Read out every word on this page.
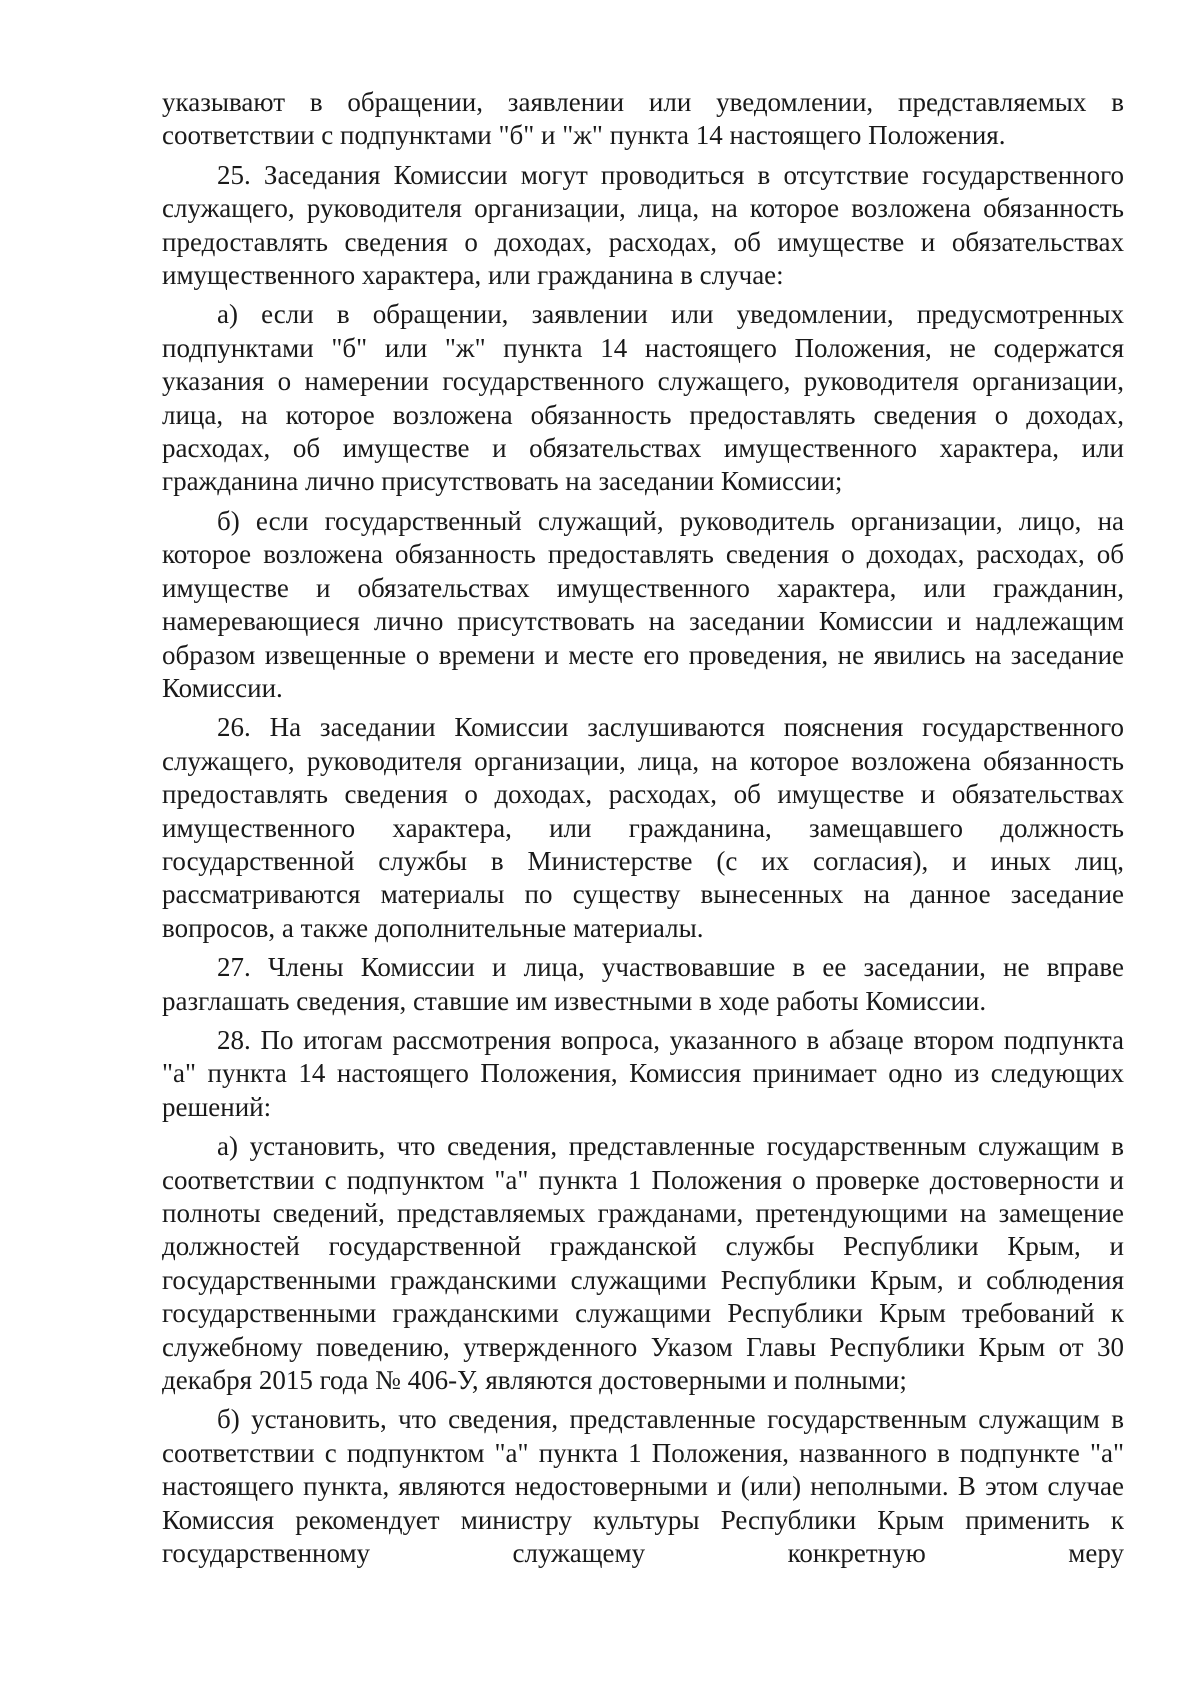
указывают в обращении, заявлении или уведомлении, представляемых в соответствии с подпунктами "б" и "ж" пункта 14 настоящего Положения.

25. Заседания Комиссии могут проводиться в отсутствие государственного служащего, руководителя организации, лица, на которое возложена обязанность предоставлять сведения о доходах, расходах, об имуществе и обязательствах имущественного характера, или гражданина в случае:

а) если в обращении, заявлении или уведомлении, предусмотренных подпунктами "б" или "ж" пункта 14 настоящего Положения, не содержатся указания о намерении государственного служащего, руководителя организации, лица, на которое возложена обязанность предоставлять сведения о доходах, расходах, об имуществе и обязательствах имущественного характера, или гражданина лично присутствовать на заседании Комиссии;

б) если государственный служащий, руководитель организации, лицо, на которое возложена обязанность предоставлять сведения о доходах, расходах, об имуществе и обязательствах имущественного характера, или гражданин, намеревающиеся лично присутствовать на заседании Комиссии и надлежащим образом извещенные о времени и месте его проведения, не явились на заседание Комиссии.

26. На заседании Комиссии заслушиваются пояснения государственного служащего, руководителя организации, лица, на которое возложена обязанность предоставлять сведения о доходах, расходах, об имуществе и обязательствах имущественного характера, или гражданина, замещавшего должность государственной службы в Министерстве (с их согласия), и иных лиц, рассматриваются материалы по существу вынесенных на данное заседание вопросов, а также дополнительные материалы.

27. Члены Комиссии и лица, участвовавшие в ее заседании, не вправе разглашать сведения, ставшие им известными в ходе работы Комиссии.

28. По итогам рассмотрения вопроса, указанного в абзаце втором подпункта "а" пункта 14 настоящего Положения, Комиссия принимает одно из следующих решений:

а) установить, что сведения, представленные государственным служащим в соответствии с подпунктом "а" пункта 1 Положения о проверке достоверности и полноты сведений, представляемых гражданами, претендующими на замещение должностей государственной гражданской службы Республики Крым, и государственными гражданскими служащими Республики Крым, и соблюдения государственными гражданскими служащими Республики Крым требований к служебному поведению, утвержденного Указом Главы Республики Крым от 30 декабря 2015 года № 406-У, являются достоверными и полными;

б) установить, что сведения, представленные государственным служащим в соответствии с подпунктом "а" пункта 1 Положения, названного в подпункте "а" настоящего пункта, являются недостоверными и (или) неполными. В этом случае Комиссия рекомендует министру культуры Республики Крым применить к государственному служащему конкретную меру
